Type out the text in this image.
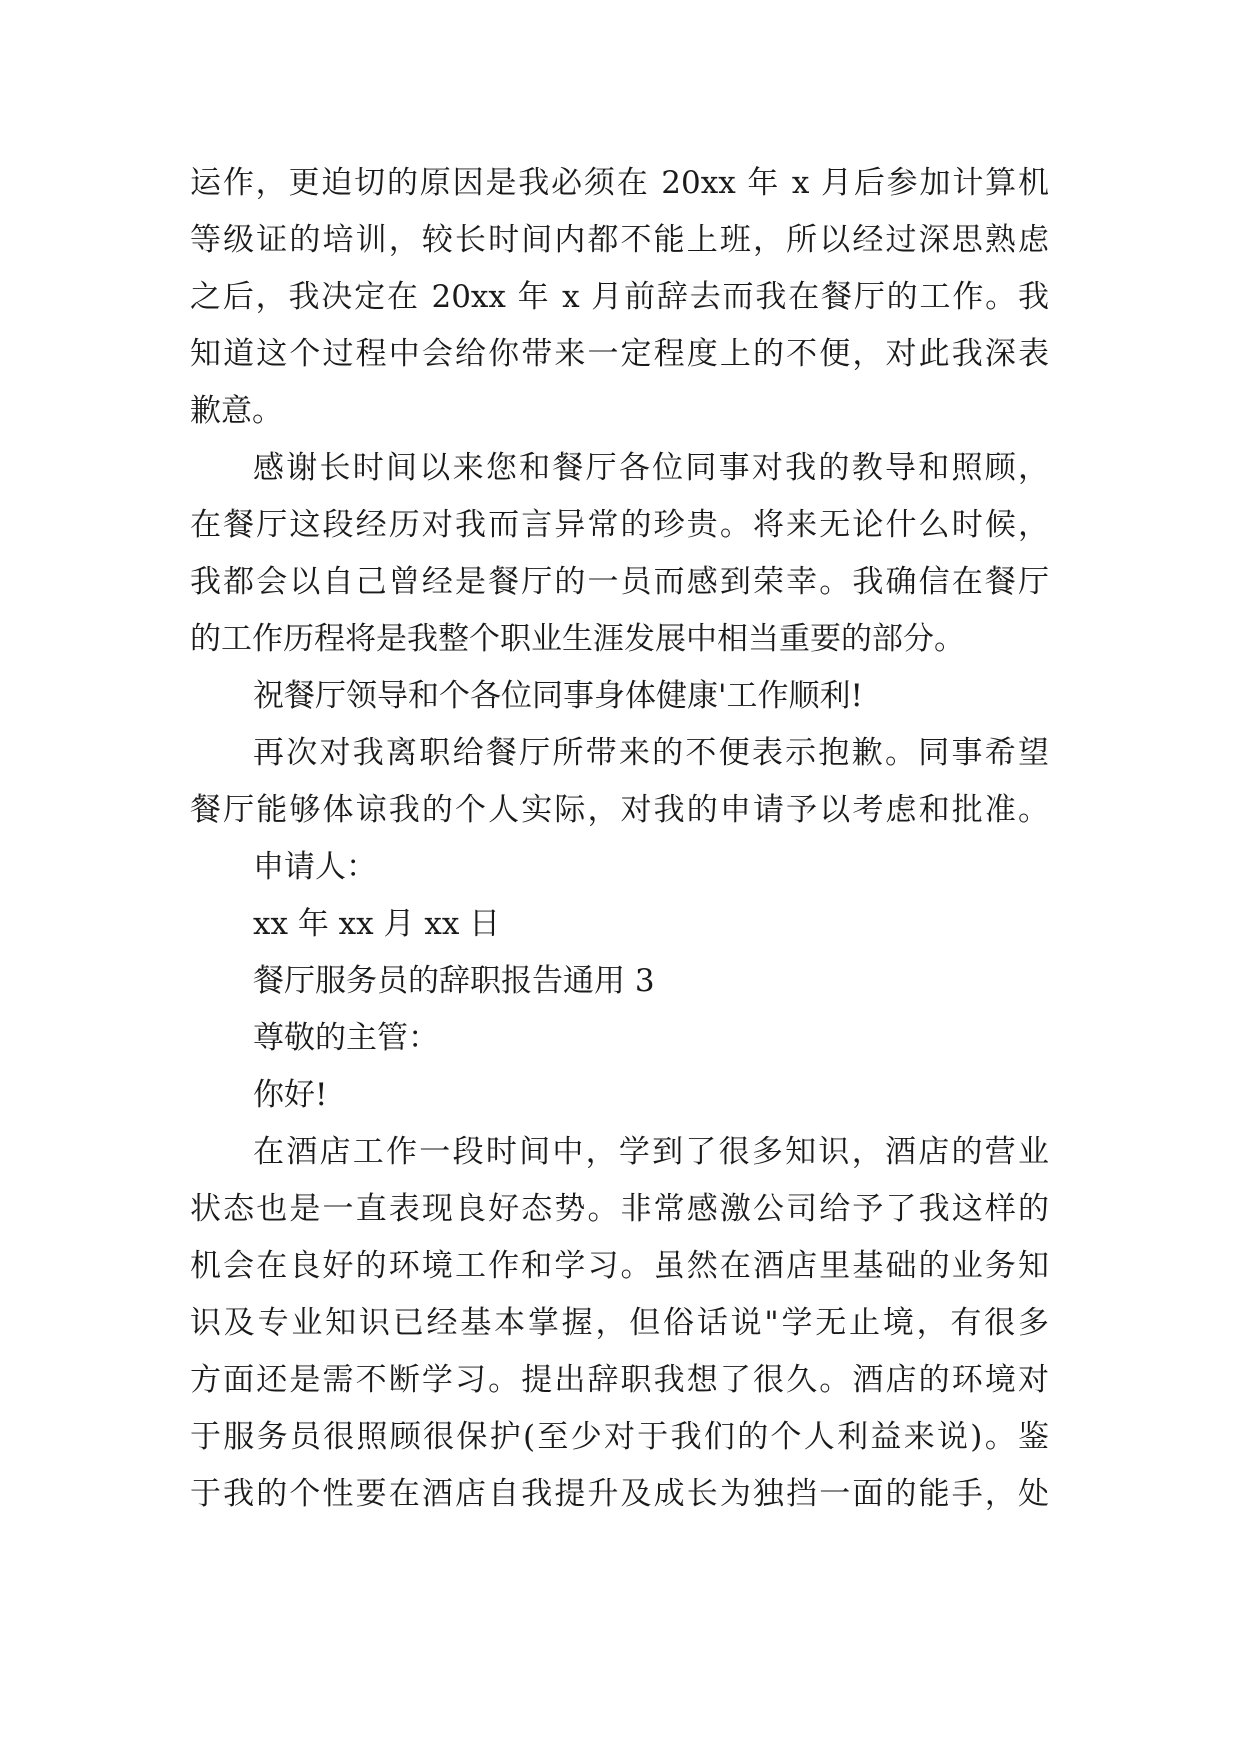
运作，更迫切的原因是我必须在 20xx 年 x 月后参加计算机
等级证的培训，较长时间内都不能上班，所以经过深思熟虑
之后，我决定在 20xx 年 x 月前辞去而我在餐厅的工作。我
知道这个过程中会给你带来一定程度上的不便，对此我深表
歉意。
感谢长时间以来您和餐厅各位同事对我的教导和照顾，
在餐厅这段经历对我而言异常的珍贵。将来无论什么时候，
我都会以自己曾经是餐厅的一员而感到荣幸。我确信在餐厅
的工作历程将是我整个职业生涯发展中相当重要的部分。
祝餐厅领导和个各位同事身体健康'工作顺利!
再次对我离职给餐厅所带来的不便表示抱歉。同事希望
餐厅能够体谅我的个人实际，对我的申请予以考虑和批准。
申请人：
xx 年 xx 月 xx 日
餐厅服务员的辞职报告通用 3
尊敬的主管：
你好!
在酒店工作一段时间中，学到了很多知识，酒店的营业
状态也是一直表现良好态势。非常感激公司给予了我这样的
机会在良好的环境工作和学习。虽然在酒店里基础的业务知
识及专业知识已经基本掌握，但俗话说"学无止境，有很多
方面还是需不断学习。提出辞职我想了很久。酒店的环境对
于服务员很照顾很保护(至少对于我们的个人利益来说)。鉴
于我的个性要在酒店自我提升及成长为独挡一面的能手，处
